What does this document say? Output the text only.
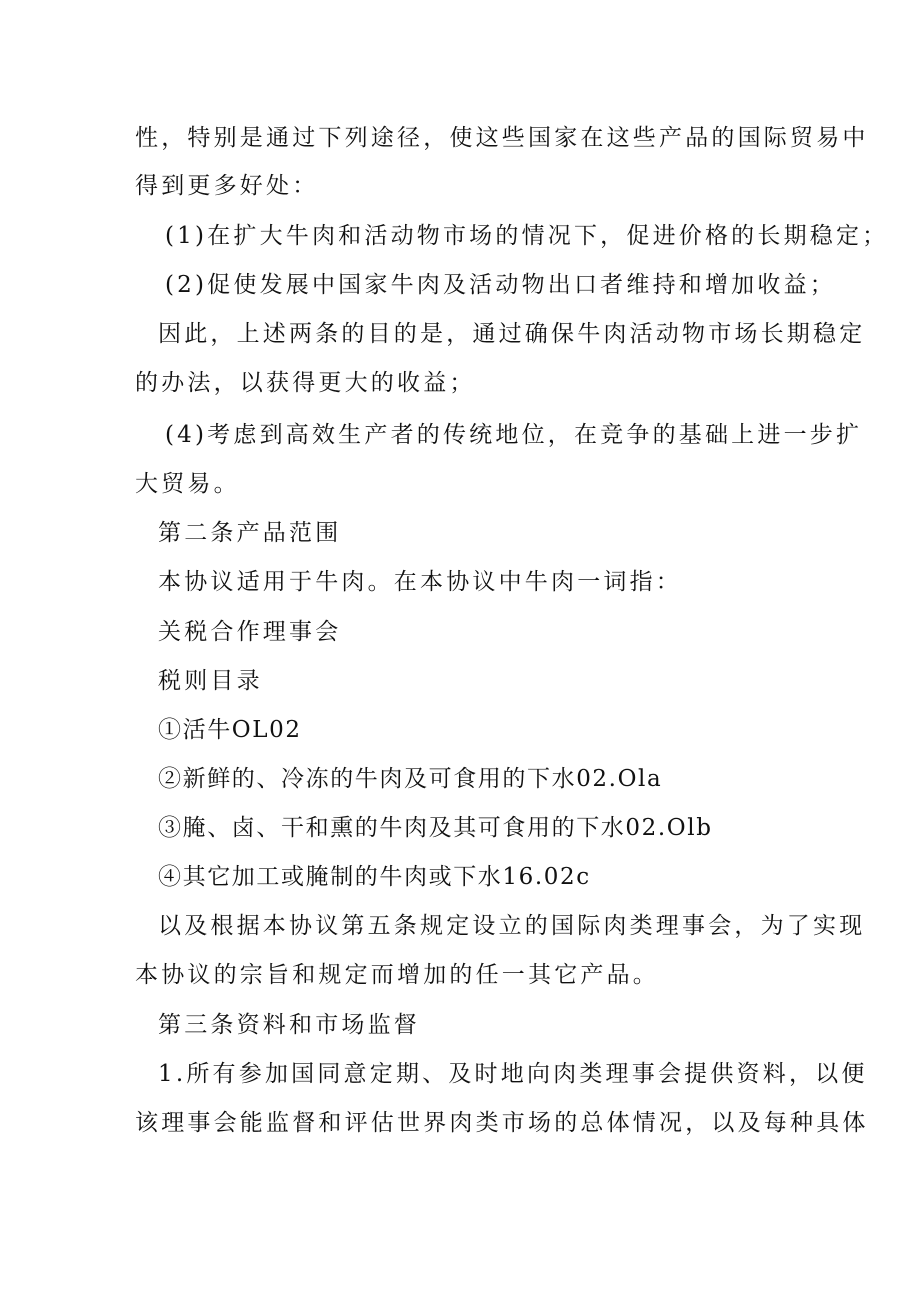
性，特别是通过下列途径，使这些国家在这些产品的国际贸易中
得到更多好处：
(1)在扩大牛肉和活动物市场的情况下，促进价格的长期稳定；
(2)促使发展中国家牛肉及活动物出口者维持和增加收益；
因此，上述两条的目的是，通过确保牛肉活动物市场长期稳定
的办法，以获得更大的收益；
(4)考虑到高效生产者的传统地位，在竞争的基础上进一步扩
大贸易。
第二条产品范围
本协议适用于牛肉。在本协议中牛肉一词指：
关税合作理事会
税则目录
①活牛OL02
②新鲜的、冷冻的牛肉及可食用的下水02.Ola
③腌、卤、干和熏的牛肉及其可食用的下水02.Olb
④其它加工或腌制的牛肉或下水16.02c
以及根据本协议第五条规定设立的国际肉类理事会，为了实现
本协议的宗旨和规定而增加的任一其它产品。
第三条资料和市场监督
1.所有参加国同意定期、及时地向肉类理事会提供资料，以便
该理事会能监督和评估世界肉类市场的总体情况，以及每种具体
